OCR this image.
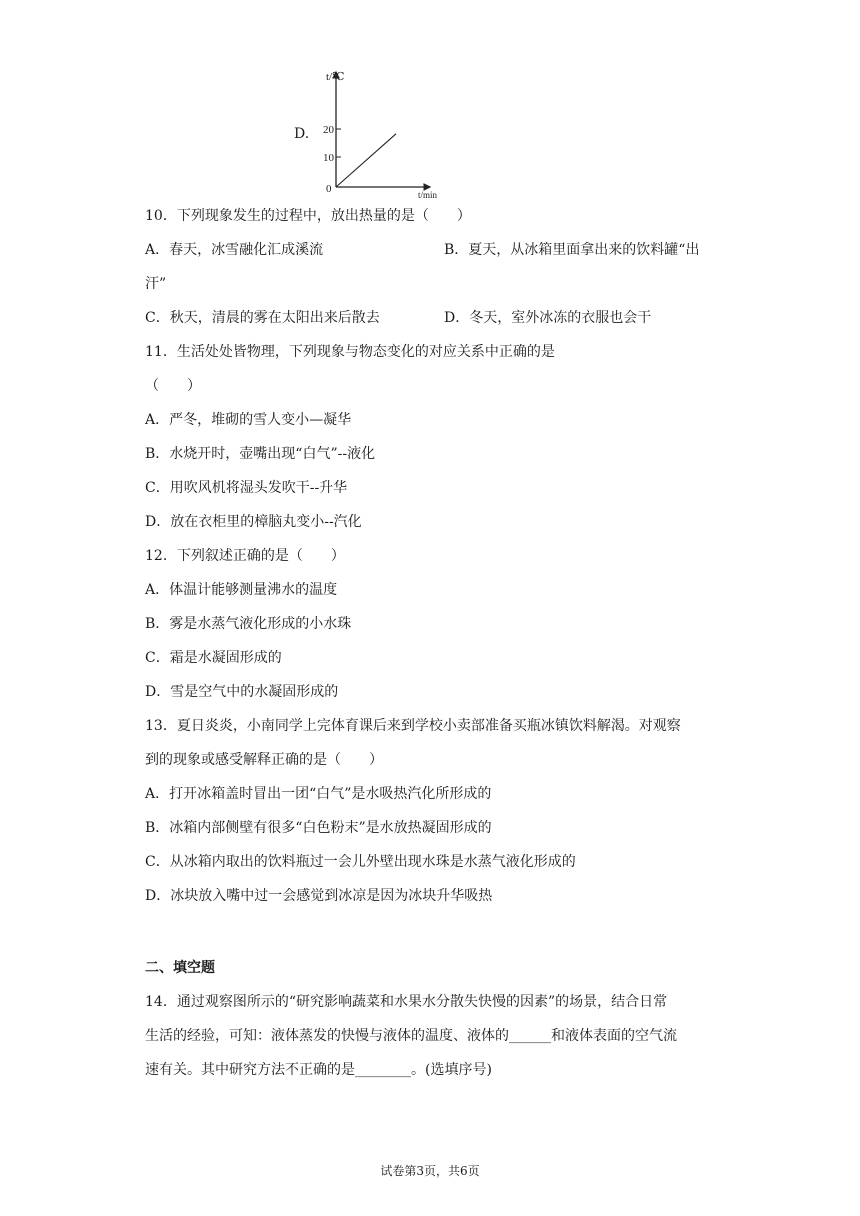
D.
t/℃
t/min
20
10
0
10．下列现象发生的过程中，放出热量的是（　　）
A．春天，冰雪融化汇成溪流	B．夏天，从冰箱里面拿出来的饮料罐“出
汗”
C．秋天，清晨的雾在太阳出来后散去	D．冬天，室外冰冻的衣服也会干
11．生活处处皆物理，下列现象与物态变化的对应关系中正确的是
（　　）
A．严冬，堆砌的雪人变小—凝华
B．水烧开时，壶嘴出现“白气”--液化
C．用吹风机将湿头发吹干--升华
D．放在衣柜里的樟脑丸变小--汽化
12．下列叙述正确的是（　　）
A．体温计能够测量沸水的温度
B．雾是水蒸气液化形成的小水珠
C．霜是水凝固形成的
D．雪是空气中的水凝固形成的
13．夏日炎炎，小南同学上完体育课后来到学校小卖部准备买瓶冰镇饮料解渴。对观察
到的现象或感受解释正确的是（　　）
A．打开冰箱盖时冒出一团“白气”是水吸热汽化所形成的
B．冰箱内部侧壁有很多“白色粉末”是水放热凝固形成的
C．从冰箱内取出的饮料瓶过一会儿外壁出现水珠是水蒸气液化形成的
D．冰块放入嘴中过一会感觉到冰凉是因为冰块升华吸热
二、填空题
14．通过观察图所示的“研究影响蔬菜和水果水分散失快慢的因素”的场景，结合日常
生活的经验，可知：液体蒸发的快慢与液体的温度、液体的______和液体表面的空气流
速有关。其中研究方法不正确的是________。(选填序号)
试卷第3页，共6页
